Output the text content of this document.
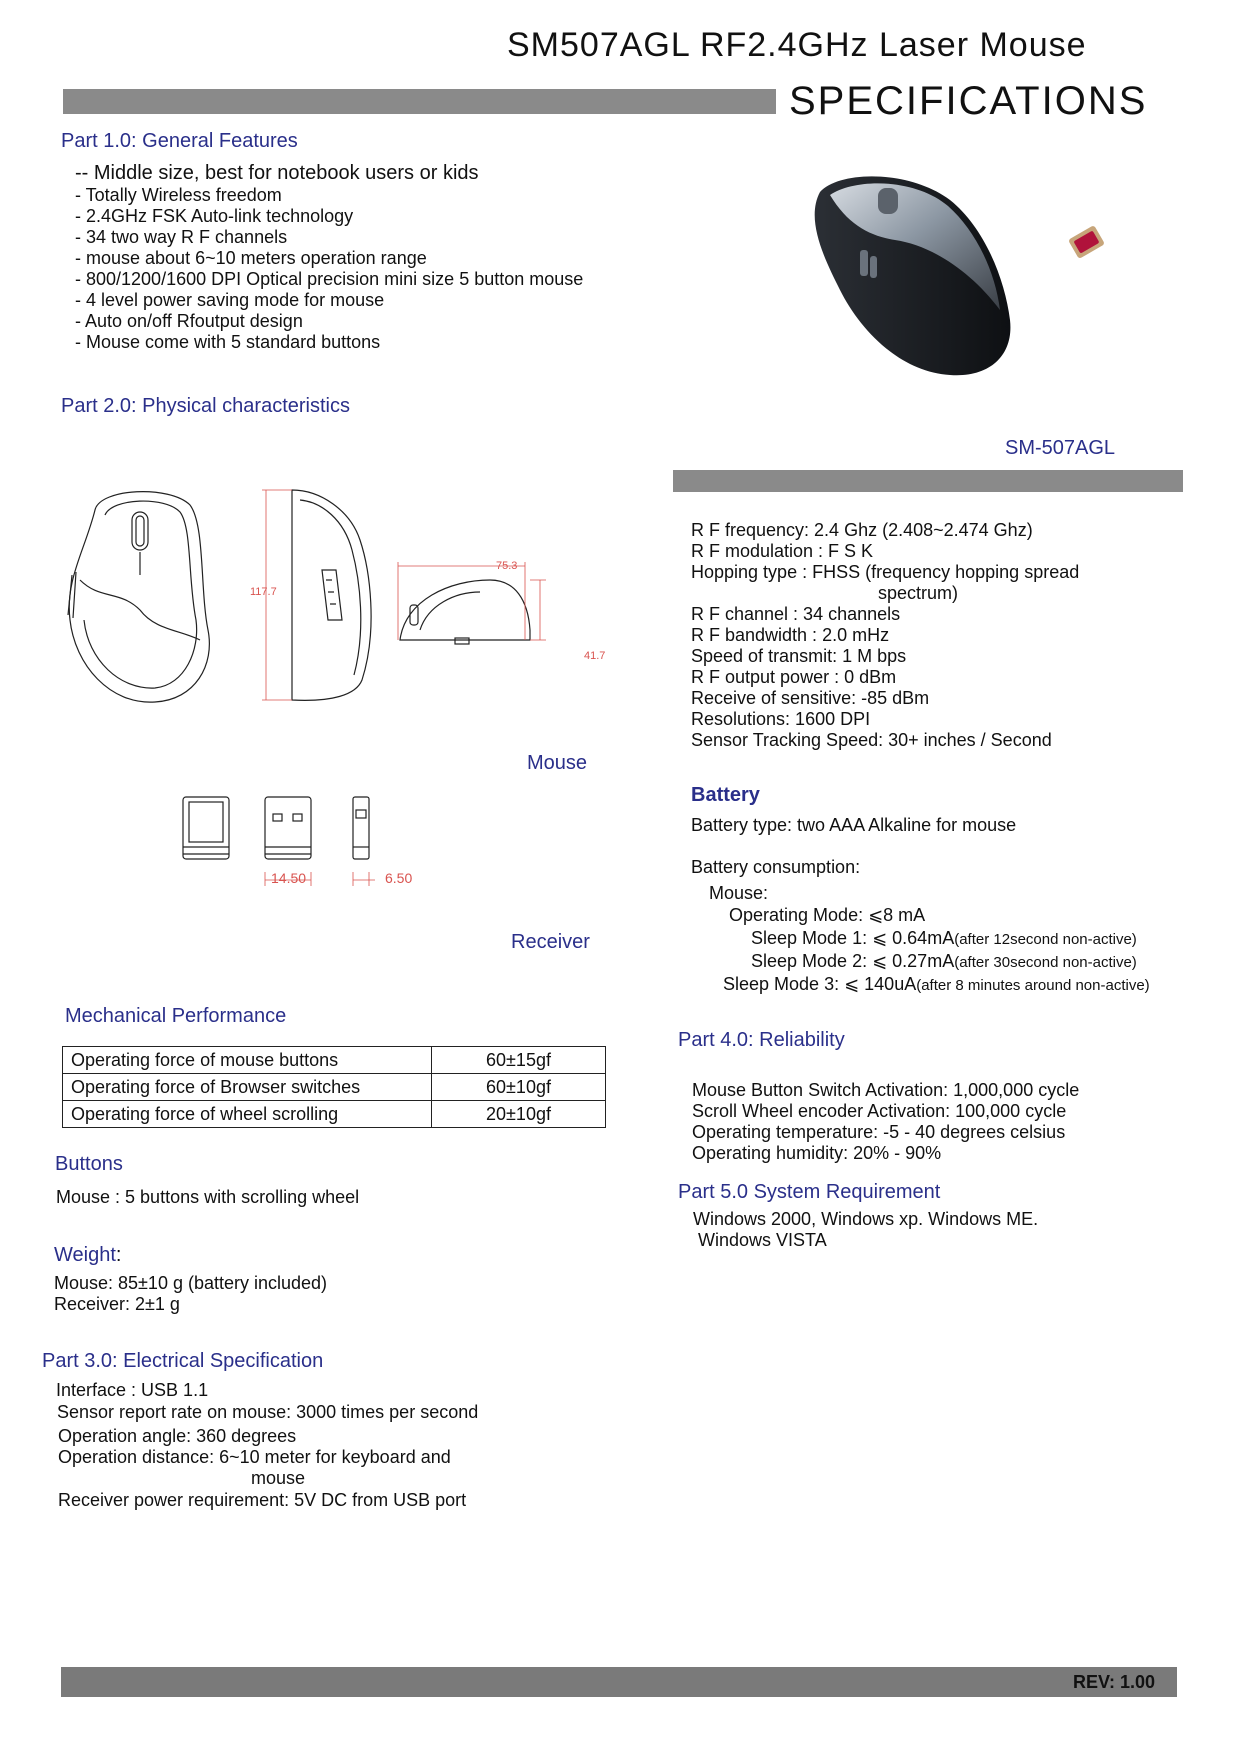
SM507AGL RF2.4GHz Laser Mouse
SPECIFICATIONS
Part 1.0: General Features
-- Middle size, best for notebook users or kids
- Totally Wireless freedom
- 2.4GHz FSK Auto-link technology
- 34 two way R F channels
- mouse about 6~10 meters operation range
- 800/1200/1600 DPI Optical precision mini size 5 button mouse
- 4 level power saving mode for mouse
- Auto on/off Rfoutput design
- Mouse come with 5 standard buttons
SM-507AGL
Part 2.0: Physical characteristics
117.7
75.3
41.7
Mouse
14.50	6.50
Receiver
R F frequency: 2.4 Ghz (2.408~2.474 Ghz)
R F modulation : F S K
Hopping type : FHSS (frequency hopping spread
spectrum)
R F channel : 34 channels
R F bandwidth : 2.0 mHz
Speed of transmit: 1 M bps
R F output power : 0 dBm
Receive of sensitive: -85 dBm
Resolutions: 1600 DPI
Sensor Tracking Speed: 30+ inches / Second
Battery
Battery type: two AAA Alkaline for mouse
Battery consumption:
Mouse:
Operating Mode: ⩽8 mA
Sleep Mode 1: ⩽ 0.64mA(after 12second non-active)
Sleep Mode 2: ⩽ 0.27mA(after 30second non-active)
Sleep Mode 3: ⩽ 140uA(after 8 minutes around non-active)
Mechanical Performance
Operating force of mouse buttons	60±15gf
Operating force of Browser switches	60±10gf
Operating force of wheel scrolling	20±10gf
Part 4.0: Reliability
Mouse Button Switch Activation: 1,000,000 cycle
Scroll Wheel encoder Activation: 100,000 cycle
Operating temperature: -5 - 40 degrees celsius
Operating humidity: 20% - 90%
Buttons
Mouse : 5 buttons with scrolling wheel	Part 5.0 System Requirement
Windows 2000, Windows xp. Windows ME.
Windows VISTA
Weight:
Mouse: 85±10 g (battery included)
Receiver: 2±1 g
Part 3.0: Electrical Specification
Interface : USB 1.1
Sensor report rate on mouse: 3000 times per second
Operation angle: 360 degrees
Operation distance: 6~10 meter for keyboard and
mouse
Receiver power requirement: 5V DC from USB port
REV: 1.00
